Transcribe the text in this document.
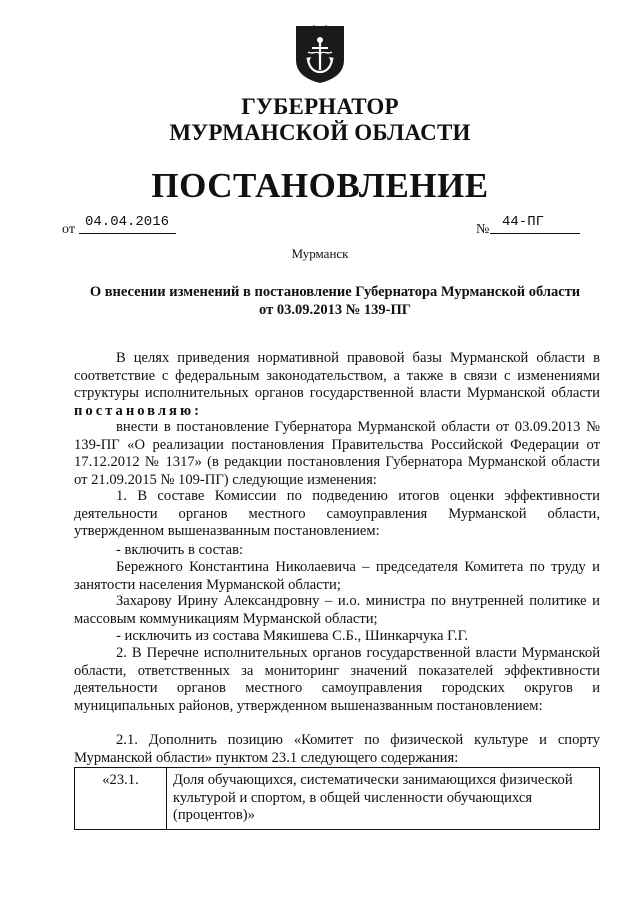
ГУБЕРНАТОР
МУРМАНСКОЙ ОБЛАСТИ
ПОСТАНОВЛЕНИЕ
от 04.04.2016	№ 44-ПГ
Мурманск
О внесении изменений в постановление Губернатора Мурманской области
от 03.09.2013 № 139-ПГ
В целях приведения нормативной правовой базы Мурманской области в соответствие с федеральным законодательством, а также в связи с изменениями структуры исполнительных органов государственной власти Мурманской области постановляю:
внести в постановление Губернатора Мурманской области от 03.09.2013 № 139-ПГ «О реализации постановления Правительства Российской Федерации от 17.12.2012 № 1317» (в редакции постановления Губернатора Мурманской области от 21.09.2015 № 109-ПГ) следующие изменения:
1. В составе Комиссии по подведению итогов оценки эффективности деятельности органов местного самоуправления Мурманской области, утвержденном вышеназванным постановлением:
- включить в состав:
Бережного Константина Николаевича – председателя Комитета по труду и занятости населения Мурманской области;
Захарову Ирину Александровну – и.о. министра по внутренней политике и массовым коммуникациям Мурманской области;
- исключить из состава Мякишева С.Б., Шинкарчука Г.Г.
2. В Перечне исполнительных органов государственной власти Мурманской области, ответственных за мониторинг значений показателей эффективности деятельности органов местного самоуправления городских округов и муниципальных районов, утвержденном вышеназванным постановлением:
2.1. Дополнить позицию «Комитет по физической культуре и спорту Мурманской области» пунктом 23.1 следующего содержания:
«23.1.	Доля обучающихся, систематически занимающихся физической культурой и спортом, в общей численности обучающихся (процентов)»
